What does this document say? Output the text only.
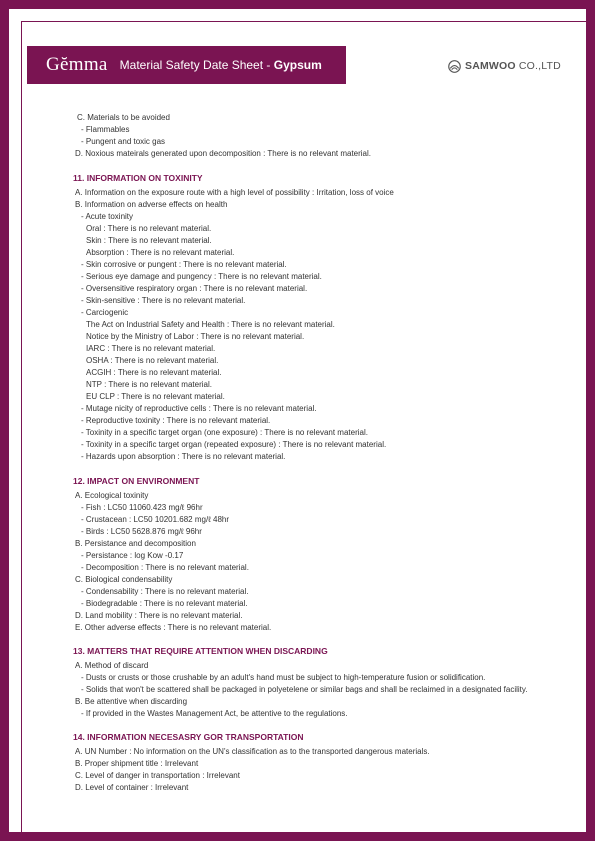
Gĕmma Material Safety Date Sheet - Gypsum	SAMWOO CO.,LTD
C. Materials to be avoided
- Flammables
- Pungent and toxic gas
D. Noxious mateirals generated upon decomposition : There is no relevant material.
11. INFORMATION ON TOXINITY
A. Information on the exposure route with a high level of possibility : Irritation, loss of voice
B. Information on adverse effects on health
- Acute toxinity
Oral : There is no relevant material.
Skin : There is no relevant material.
Absorption : There is no relevant material.
- Skin corrosive or pungent : There is no relevant material.
- Serious eye damage and pungency : There is no relevant material.
- Oversensitive respiratory organ : There is no relevant material.
- Skin-sensitive : There is no relevant material.
- Carciogenic
The Act on Industrial Safety and Health : There is no relevant material.
Notice by the Ministry of Labor : There is no relevant material.
IARC : There is no relevant material.
OSHA : There is no relevant material.
ACGIH : There is no relevant material.
NTP : There is no relevant material.
EU CLP : There is no relevant material.
- Mutage nicity of reproductive cells : There is no relevant material.
- Reproductive toxinity : There is no relevant material.
- Toxinity in a specific target organ (one exposure) : There is no relevant material.
- Toxinity in a specific target organ (repeated exposure) : There is no relevant material.
- Hazards upon absorption : There is no relevant material.
12. IMPACT ON ENVIRONMENT
A. Ecological toxinity
- Fish : LC50 11060.423 mg/ℓ 96hr
- Crustacean : LC50 10201.682 mg/ℓ 48hr
- Birds : LC50 5628.876 mg/ℓ 96hr
B. Persistance and decomposition
- Persistance : log Kow -0.17
- Decomposition : There is no relevant material.
C. Biological condensability
- Condensability : There is no relevant material.
- Biodegradable : There is no relevant material.
D. Land mobility : There is no relevant material.
E. Other adverse effects : There is no relevant material.
13. MATTERS THAT REQUIRE ATTENTION WHEN DISCARDING
A. Method of discard
- Dusts or crusts or those crushable by an adult's hand must be subject to high-temperature fusion or solidification.
- Solids that won't be scattered shall be packaged in polyetelene or similar bags and shall be reclaimed in a designated facility.
B. Be attentive when discarding
- If provided in the Wastes Management Act, be attentive to the regulations.
14. INFORMATION NECESASRY GOR TRANSPORTATION
A. UN Number : No information on the UN's classification as to the transported dangerous materials.
B. Proper shipment title : Irrelevant
C. Level of danger in transportation : Irrelevant
D. Level of container : Irrelevant
